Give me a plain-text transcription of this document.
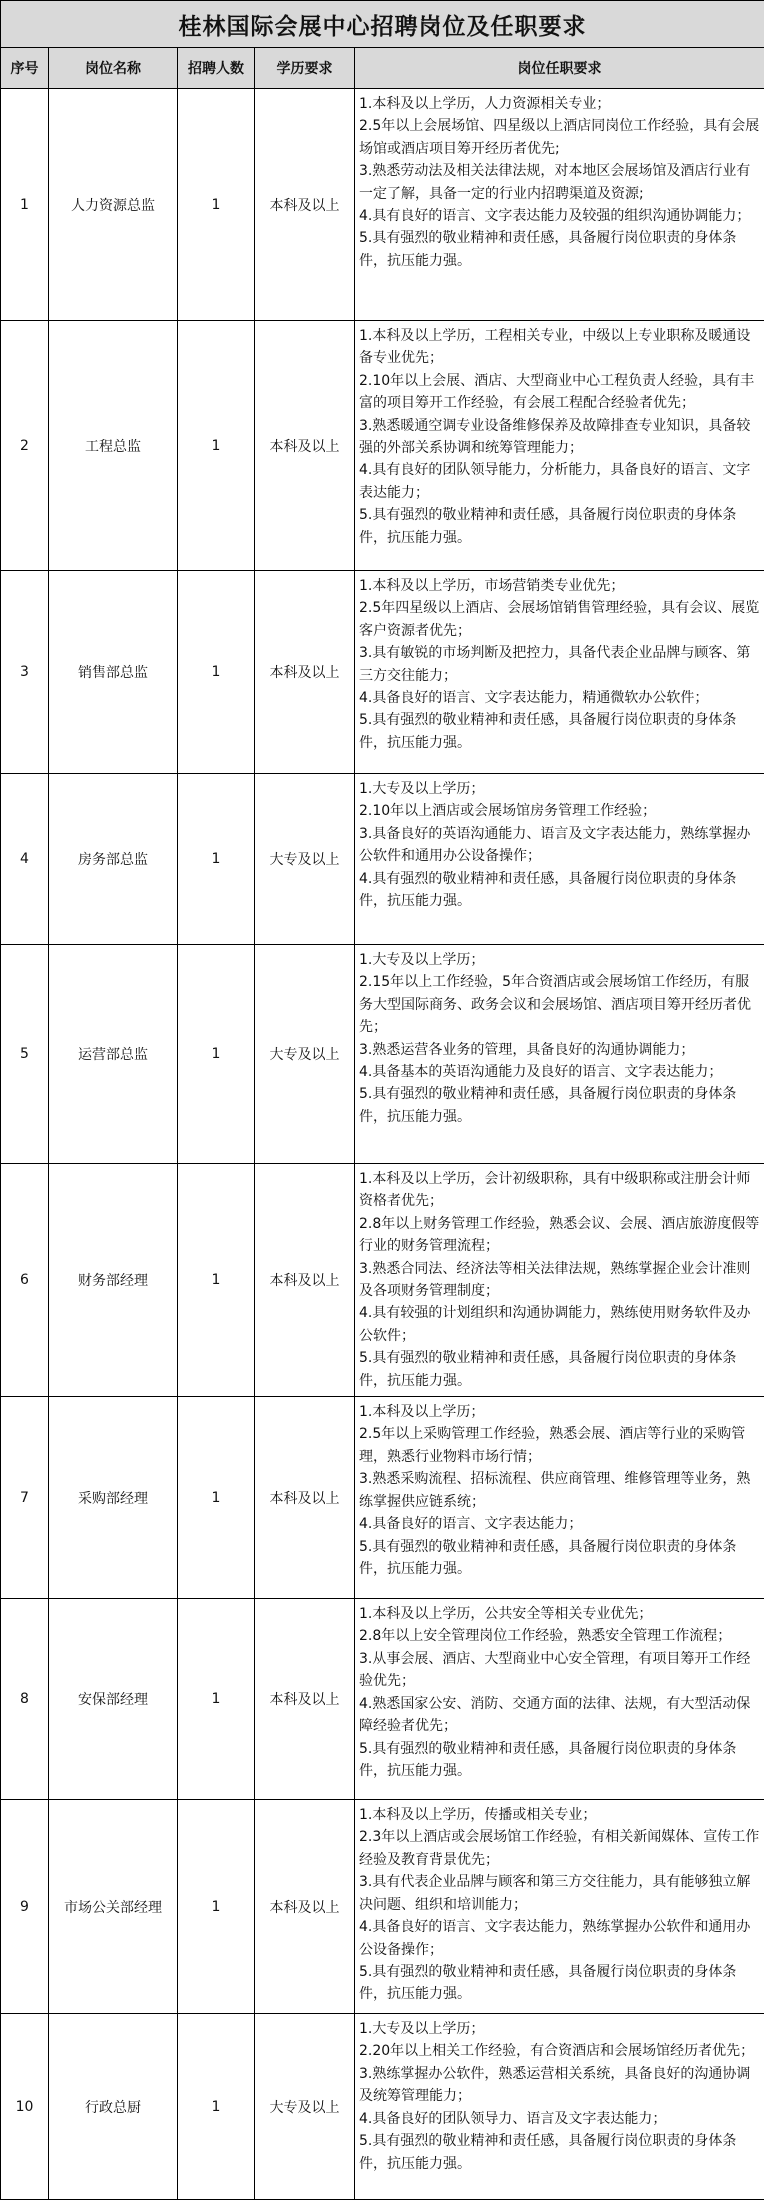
桂林国际会展中心招聘岗位及任职要求				
序号	岗位名称	招聘人数	学历要求	岗位任职要求
1	人力资源总监	1	本科及以上	1.本科及以上学历，人力资源相关专业；
2.5年以上会展场馆、四星级以上酒店同岗位工作经验，具有会展场馆或酒店项目筹开经历者优先;
3.熟悉劳动法及相关法律法规，对本地区会展场馆及酒店行业有一定了解，具备一定的行业内招聘渠道及资源;
4.具有良好的语言、文字表达能力及较强的组织沟通协调能力；
5.具有强烈的敬业精神和责任感，具备履行岗位职责的身体条件，抗压能力强。

2	工程总监	1	本科及以上	1.本科及以上学历，工程相关专业，中级以上专业职称及暖通设备专业优先；
2.10年以上会展、酒店、大型商业中心工程负责人经验，具有丰富的项目筹开工作经验，有会展工程配合经验者优先；
3.熟悉暖通空调专业设备维修保养及故障排查专业知识，具备较强的外部关系协调和统筹管理能力；
4.具有良好的团队领导能力，分析能力，具备良好的语言、文字表达能力；
5.具有强烈的敬业精神和责任感，具备履行岗位职责的身体条件，抗压能力强。

3	销售部总监	1	本科及以上	1.本科及以上学历，市场营销类专业优先；
2.5年四星级以上酒店、会展场馆销售管理经验，具有会议、展览客户资源者优先；
3.具有敏锐的市场判断及把控力，具备代表企业品牌与顾客、第三方交往能力；
4.具备良好的语言、文字表达能力，精通微软办公软件；
5.具有强烈的敬业精神和责任感，具备履行岗位职责的身体条件，抗压能力强。

4	房务部总监	1	大专及以上	1.大专及以上学历；
2.10年以上酒店或会展场馆房务管理工作经验；
3.具备良好的英语沟通能力、语言及文字表达能力，熟练掌握办公软件和通用办公设备操作；
4.具有强烈的敬业精神和责任感，具备履行岗位职责的身体条件，抗压能力强。

5	运营部总监	1	大专及以上	1.大专及以上学历；
2.15年以上工作经验，5年合资酒店或会展场馆工作经历，有服务大型国际商务、政务会议和会展场馆、酒店项目筹开经历者优先；
3.熟悉运营各业务的管理，具备良好的沟通协调能力；
4.具备基本的英语沟通能力及良好的语言、文字表达能力；
5.具有强烈的敬业精神和责任感，具备履行岗位职责的身体条件，抗压能力强。

6	财务部经理	1	本科及以上	1.本科及以上学历，会计初级职称，具有中级职称或注册会计师资格者优先；
2.8年以上财务管理工作经验，熟悉会议、会展、酒店旅游度假等行业的财务管理流程；
3.熟悉合同法、经济法等相关法律法规，熟练掌握企业会计准则及各项财务管理制度；
4.具有较强的计划组织和沟通协调能力，熟练使用财务软件及办公软件；
5.具有强烈的敬业精神和责任感，具备履行岗位职责的身体条件，抗压能力强。

7	采购部经理	1	本科及以上	1.本科及以上学历；
2.5年以上采购管理工作经验，熟悉会展、酒店等行业的采购管理，熟悉行业物料市场行情；
3.熟悉采购流程、招标流程、供应商管理、维修管理等业务，熟练掌握供应链系统；
4.具备良好的语言、文字表达能力；
5.具有强烈的敬业精神和责任感，具备履行岗位职责的身体条件，抗压能力强。

8	安保部经理	1	本科及以上	1.本科及以上学历，公共安全等相关专业优先；
2.8年以上安全管理岗位工作经验，熟悉安全管理工作流程；
3.从事会展、酒店、大型商业中心安全管理，有项目筹开工作经验优先；
4.熟悉国家公安、消防、交通方面的法律、法规，有大型活动保障经验者优先；
5.具有强烈的敬业精神和责任感，具备履行岗位职责的身体条件，抗压能力强。

9	市场公关部经理	1	本科及以上	1.本科及以上学历，传播或相关专业；
2.3年以上酒店或会展场馆工作经验，有相关新闻媒体、宣传工作经验及教育背景优先；
3.具有代表企业品牌与顾客和第三方交往能力，具有能够独立解决问题、组织和培训能力；
4.具备良好的语言、文字表达能力，熟练掌握办公软件和通用办公设备操作；
5.具有强烈的敬业精神和责任感，具备履行岗位职责的身体条件，抗压能力强。

10	行政总厨	1	大专及以上	1.大专及以上学历；
2.20年以上相关工作经验，有合资酒店和会展场馆经历者优先；
3.熟练掌握办公软件，熟悉运营相关系统，具备良好的沟通协调及统筹管理能力；
4.具备良好的团队领导力、语言及文字表达能力；
5.具有强烈的敬业精神和责任感，具备履行岗位职责的身体条件，抗压能力强。
